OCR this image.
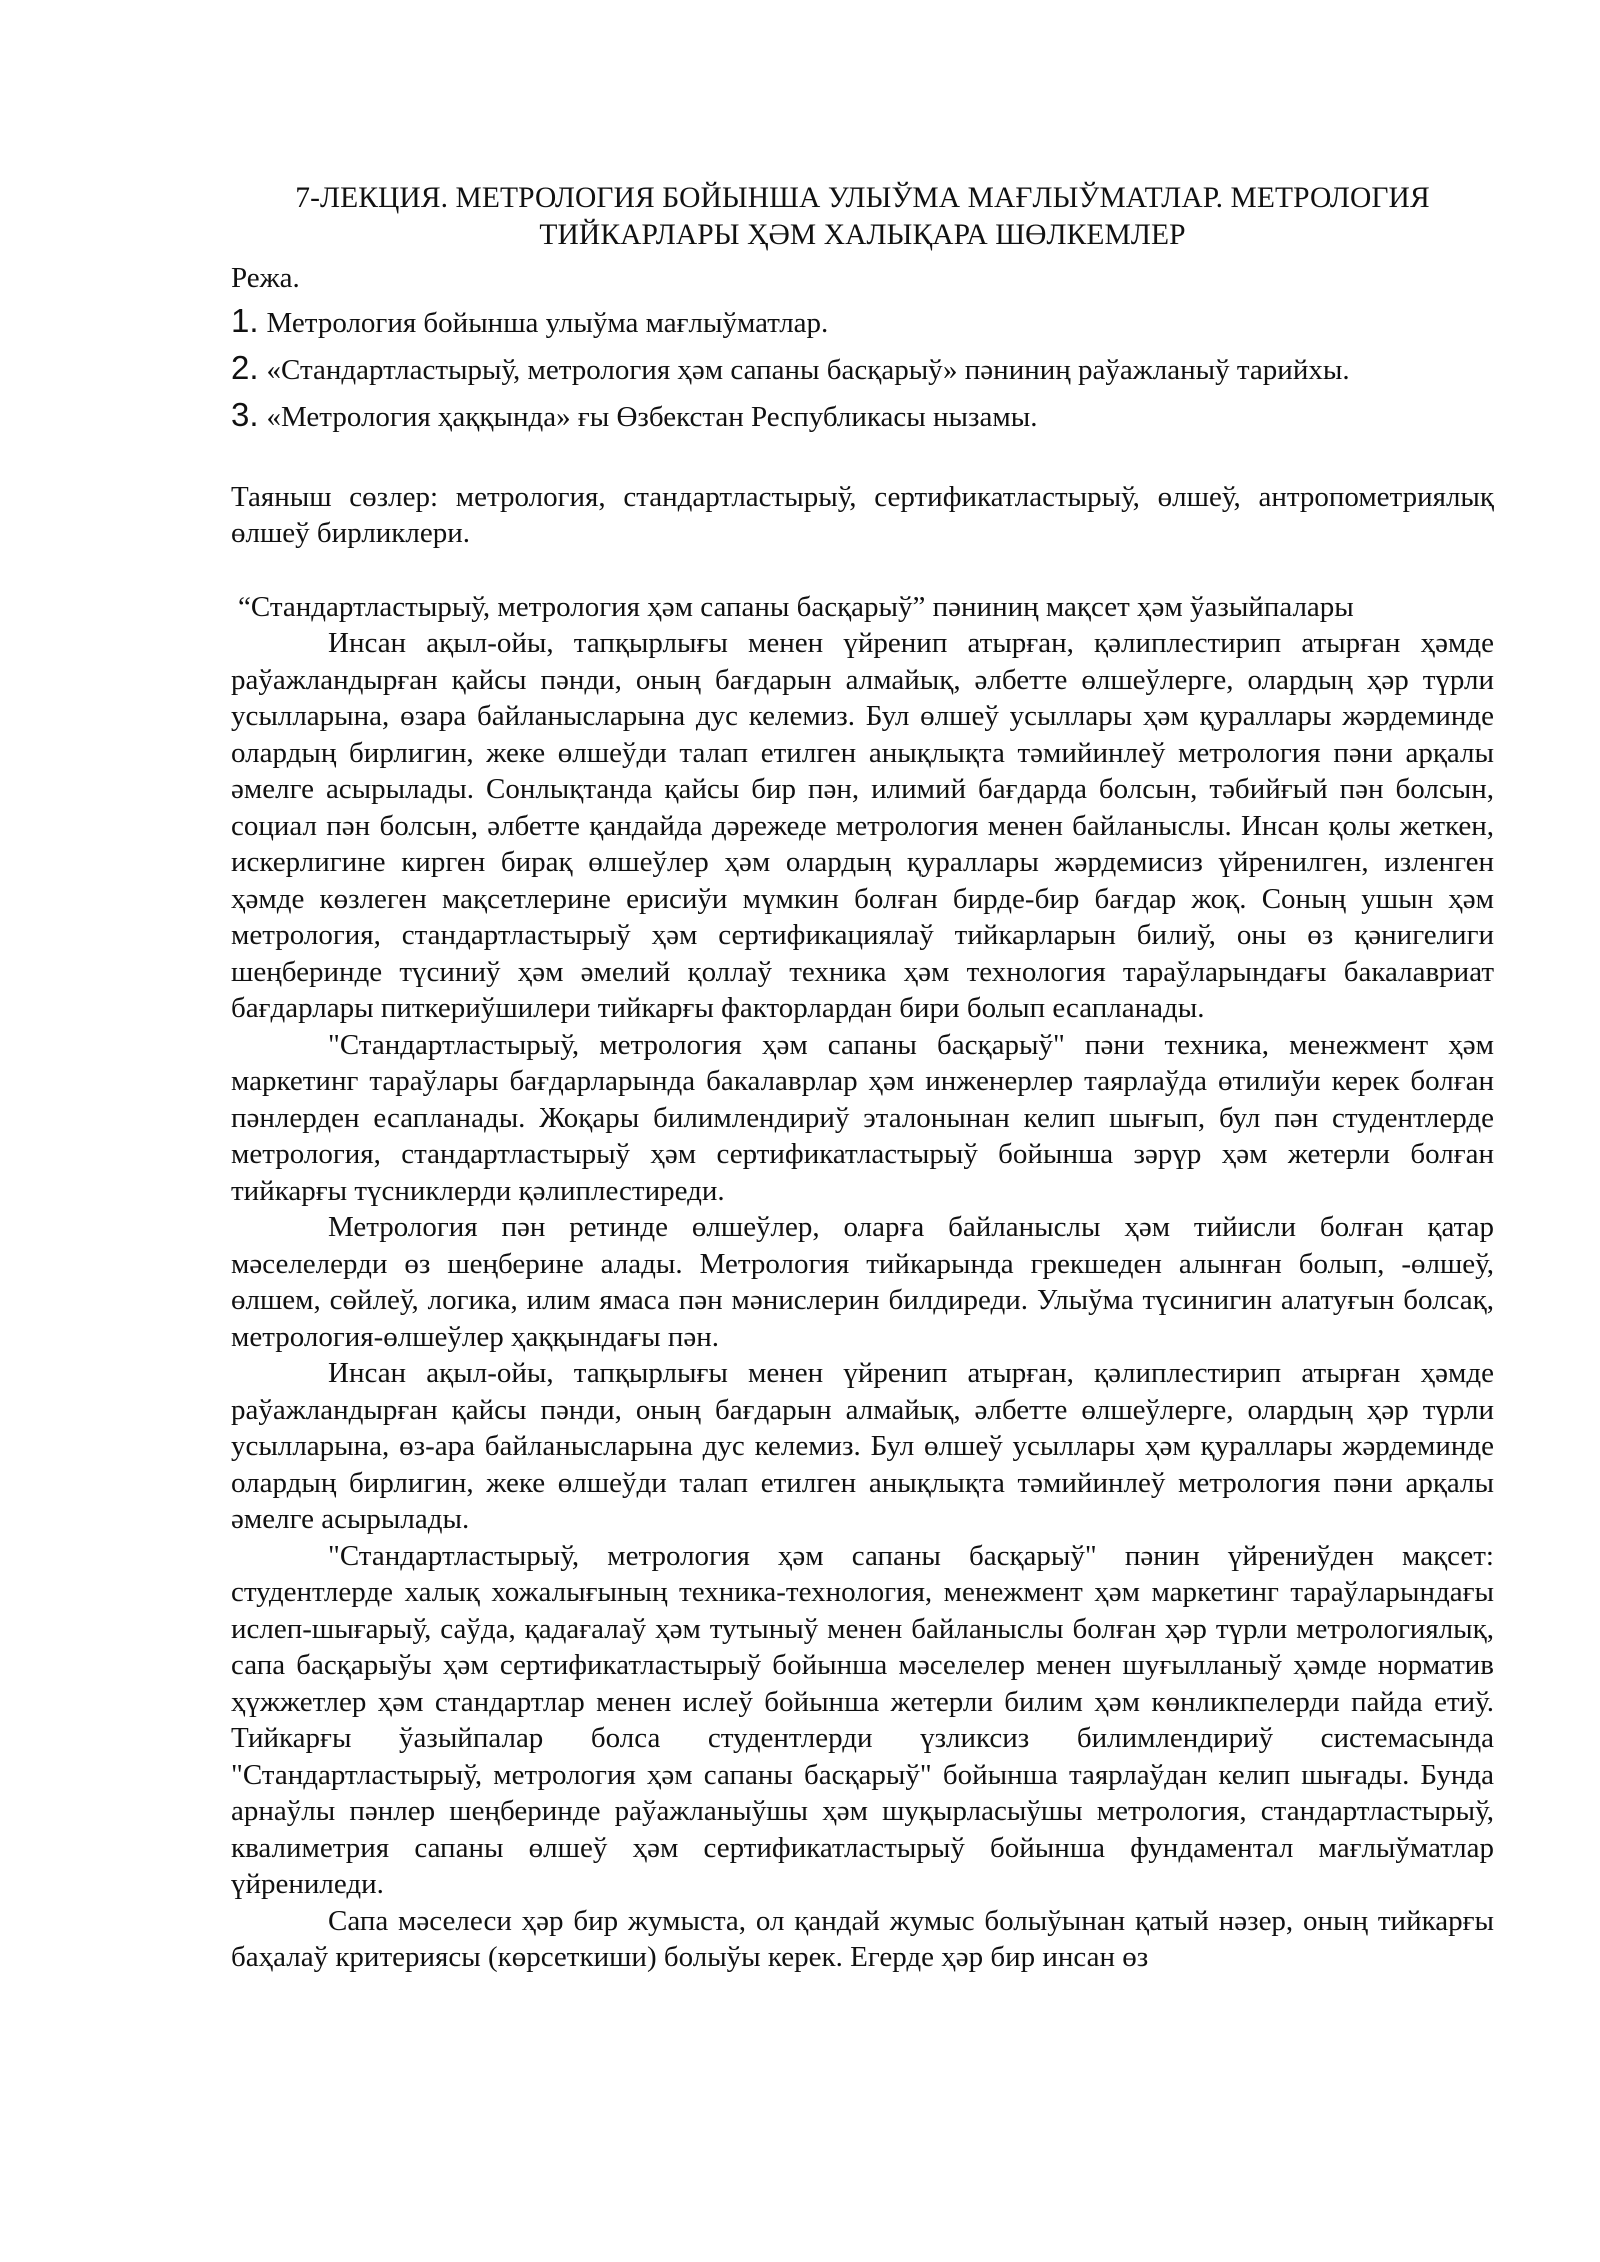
7-ЛЕКЦИЯ. МЕТРОЛОГИЯ БОЙЫНША УЛЫЎМА МАҒЛЫЎМАТЛАР. МЕТРОЛОГИЯ ТИЙКАРЛАРЫ ҲӘМ ХАЛЫҚАРА ШӨЛКЕМЛЕР
Режа.
1. Метрология бойынша улыўма мағлыўматлар.
2. «Стандартластырыў, метрология ҳәм сапаны басқарыў» пәниниң раўажланыў тарийхы.
3. «Метрология ҳаққында» ғы Өзбекстан Республикасы нызамы.

Таяныш сөзлер: метрология, стандартластырыў, сертификатластырыў, өлшеў, антропометриялық өлшеў бирликлери.

“Стандартластырыў, метрология ҳәм сапаны басқарыў” пәниниң мақсет ҳәм ўазыйпалары

Инсан ақыл-ойы, тапқырлығы менен үйренип атырған, қәлиплестирип атырған ҳәмде раўажландырған қайсы пәнди, оның бағдарын алмайық, әлбетте өлшеўлерге, олардың ҳәр түрли усылларына, өзара байланысларына дус келемиз. Бул өлшеў усыллары ҳәм қураллары жәрдеминде олардың бирлигин, жеке өлшеўди талап етилген анықлықта тәмийинлеў метрология пәни арқалы әмелге асырылады. Сонлықтанда қайсы бир пән, илимий бағдарда болсын, тәбийғый пән болсын, социал пән болсын, әлбетте қандайда дәрежеде метрология менен байланыслы. Инсан қолы жеткен, искерлигине кирген бирақ өлшеўлер ҳәм олардың қураллары жәрдемисиз үйренилген, изленген ҳәмде көзлеген мақсетлерине ерисиўи мүмкин болған бирде-бир бағдар жоқ. Соның ушын ҳәм метрология, стандартластырыў ҳәм сертификациялаў тийкарларын билиў, оны өз қәнигелиги шеңберинде түсиниў ҳәм әмелий қоллаў техника ҳәм технология тараўларындағы бакалавриат бағдарлары питкериўшилери тийкарғы факторлардан бири болып есапланады.

"Стандартластырыў, метрология ҳәм сапаны басқарыў" пәни техника, менежмент ҳәм маркетинг тараўлары бағдарларында бакалаврлар ҳәм инженерлер таярлаўда өтилиўи керек болған пәнлерден есапланады. Жоқары билимлендириў эталонынан келип шығып, бул пән студентлерде метрология, стандартластырыў ҳәм сертификатластырыў бойынша зәрүр ҳәм жетерли болған тийкарғы түсниклерди қәлиплестиреди.

Метрология пән ретинде өлшеўлер, оларға байланыслы ҳәм тийисли болған қатар мәселелерди өз шеңберине алады. Метрология тийкарында грекшеден алынған болып, -өлшеў, өлшем, сөйлеў, логика, илим ямаса пән мәнислерин билдиреди. Улыўма түсинигин алатуғын болсақ, метрология-өлшеўлер ҳаққындағы пән.

Инсан ақыл-ойы, тапқырлығы менен үйренип атырған, қәлиплестирип атырған ҳәмде раўажландырған қайсы пәнди, оның бағдарын алмайық, әлбетте өлшеўлерге, олардың ҳәр түрли усылларына, өз-ара байланысларына дус келемиз. Бул өлшеў усыллары ҳәм қураллары жәрдеминде олардың бирлигин, жеке өлшеўди талап етилген анықлықта тәмийинлеў метрология пәни арқалы әмелге асырылады.

"Стандартластырыў, метрология ҳәм сапаны басқарыў" пәнин үйрениўден мақсет: студентлерде халық хожалығының техника-технология, менежмент ҳәм маркетинг тараўларындағы ислеп-шығарыў, саўда, қадағалаў ҳәм тутыныў менен байланыслы болған ҳәр түрли метрологиялық, сапа басқарыўы ҳәм сертификатластырыў бойынша мәселелер менен шуғылланыў ҳәмде норматив ҳүжжетлер ҳәм стандартлар менен ислеў бойынша жетерли билим ҳәм көнликпелерди пайда етиў. Тийкарғы ўазыйпалар болса студентлерди үзликсиз билимлендириў системасында "Стандартластырыў, метрология ҳәм сапаны басқарыў" бойынша таярлаўдан келип шығады. Бунда арнаўлы пәнлер шеңберинде раўажланыўшы ҳәм шуқырласыўшы метрология, стандартластырыў, квалиметрия сапаны өлшеў ҳәм сертификатластырыў бойынша фундаментал мағлыўматлар үйрениледи.

Сапа мәселеси ҳәр бир жумыста, ол қандай жумыс болыўынан қатый нәзер, оның тийкарғы баҳалаў критериясы (көрсеткиши) болыўы керек. Егерде ҳәр бир инсан өз
